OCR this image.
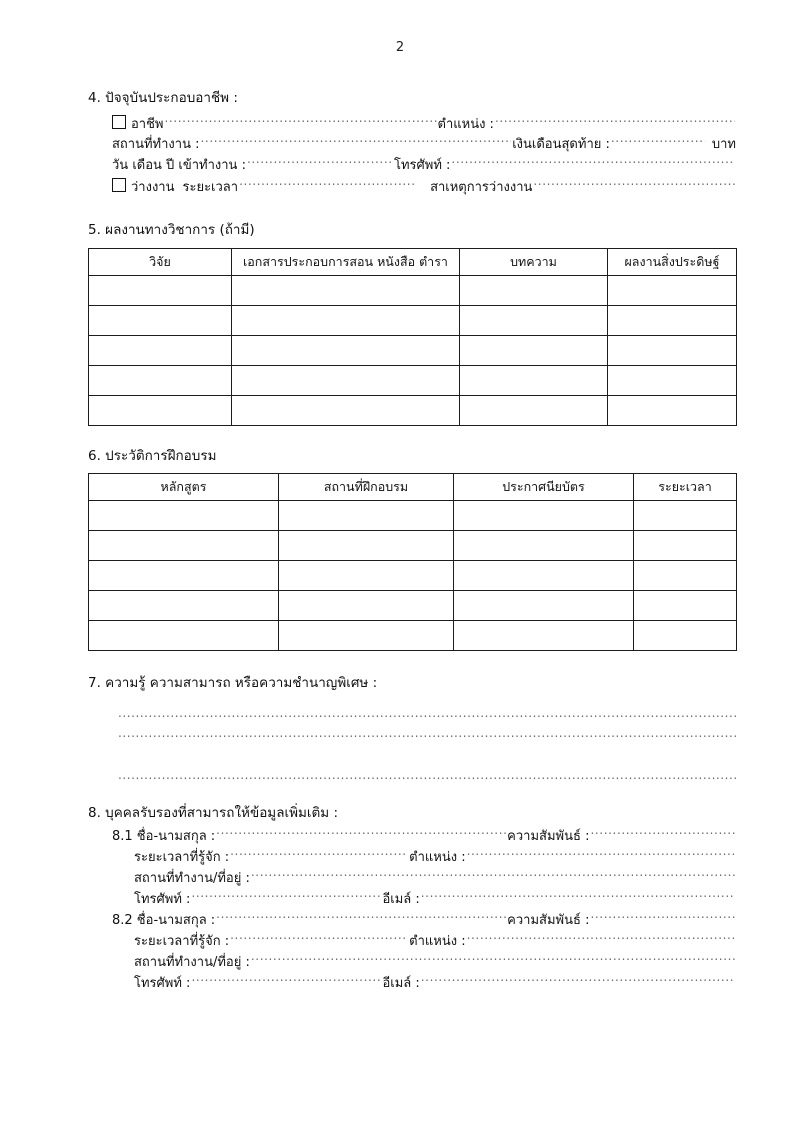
2
4. ปัจจุบันประกอบอาชีพ :
อาชีพ .....	ตำแหน่ง :
.....
สถานที่ทำงาน : .....	เงินเดือนสุดท้าย : .....	บาท
วัน เดือน ปี เข้าทำงาน : .....	โทรศัพท์ :
.....
ว่างงาน ระยะเวลา .....	สาเหตุการว่างงาน
.....
5. ผลงานทางวิชาการ (ถ้ามี)
วิจัย	เอกสารประกอบการสอน หนังสือ ตำรา	บทความ	ผลงานสิ่งประดิษฐ์

6. ประวัติการฝึกอบรม
หลักสูตร	สถานที่ฝึกอบรม	ประกาศนียบัตร	ระยะเวลา

7. ความรู้ ความสามารถ หรือความชำนาญพิเศษ :
.....
.....
.....
8. บุคคลรับรองที่สามารถให้ข้อมูลเพิ่มเติม :
8.1 ชื่อ-นามสกุล : .....	ความสัมพันธ์ :
.....
ระยะเวลาที่รู้จัก : .....	ตำแหน่ง :
.....
สถานที่ทำงาน/ที่อยู่ :
.....
โทรศัพท์ : .....	อีเมล์ :
.....
8.2 ชื่อ-นามสกุล : .....	ความสัมพันธ์ :
.....
ระยะเวลาที่รู้จัก : .....	ตำแหน่ง :
.....
สถานที่ทำงาน/ที่อยู่ :
.....
โทรศัพท์ : .....	อีเมล์ :
.....
